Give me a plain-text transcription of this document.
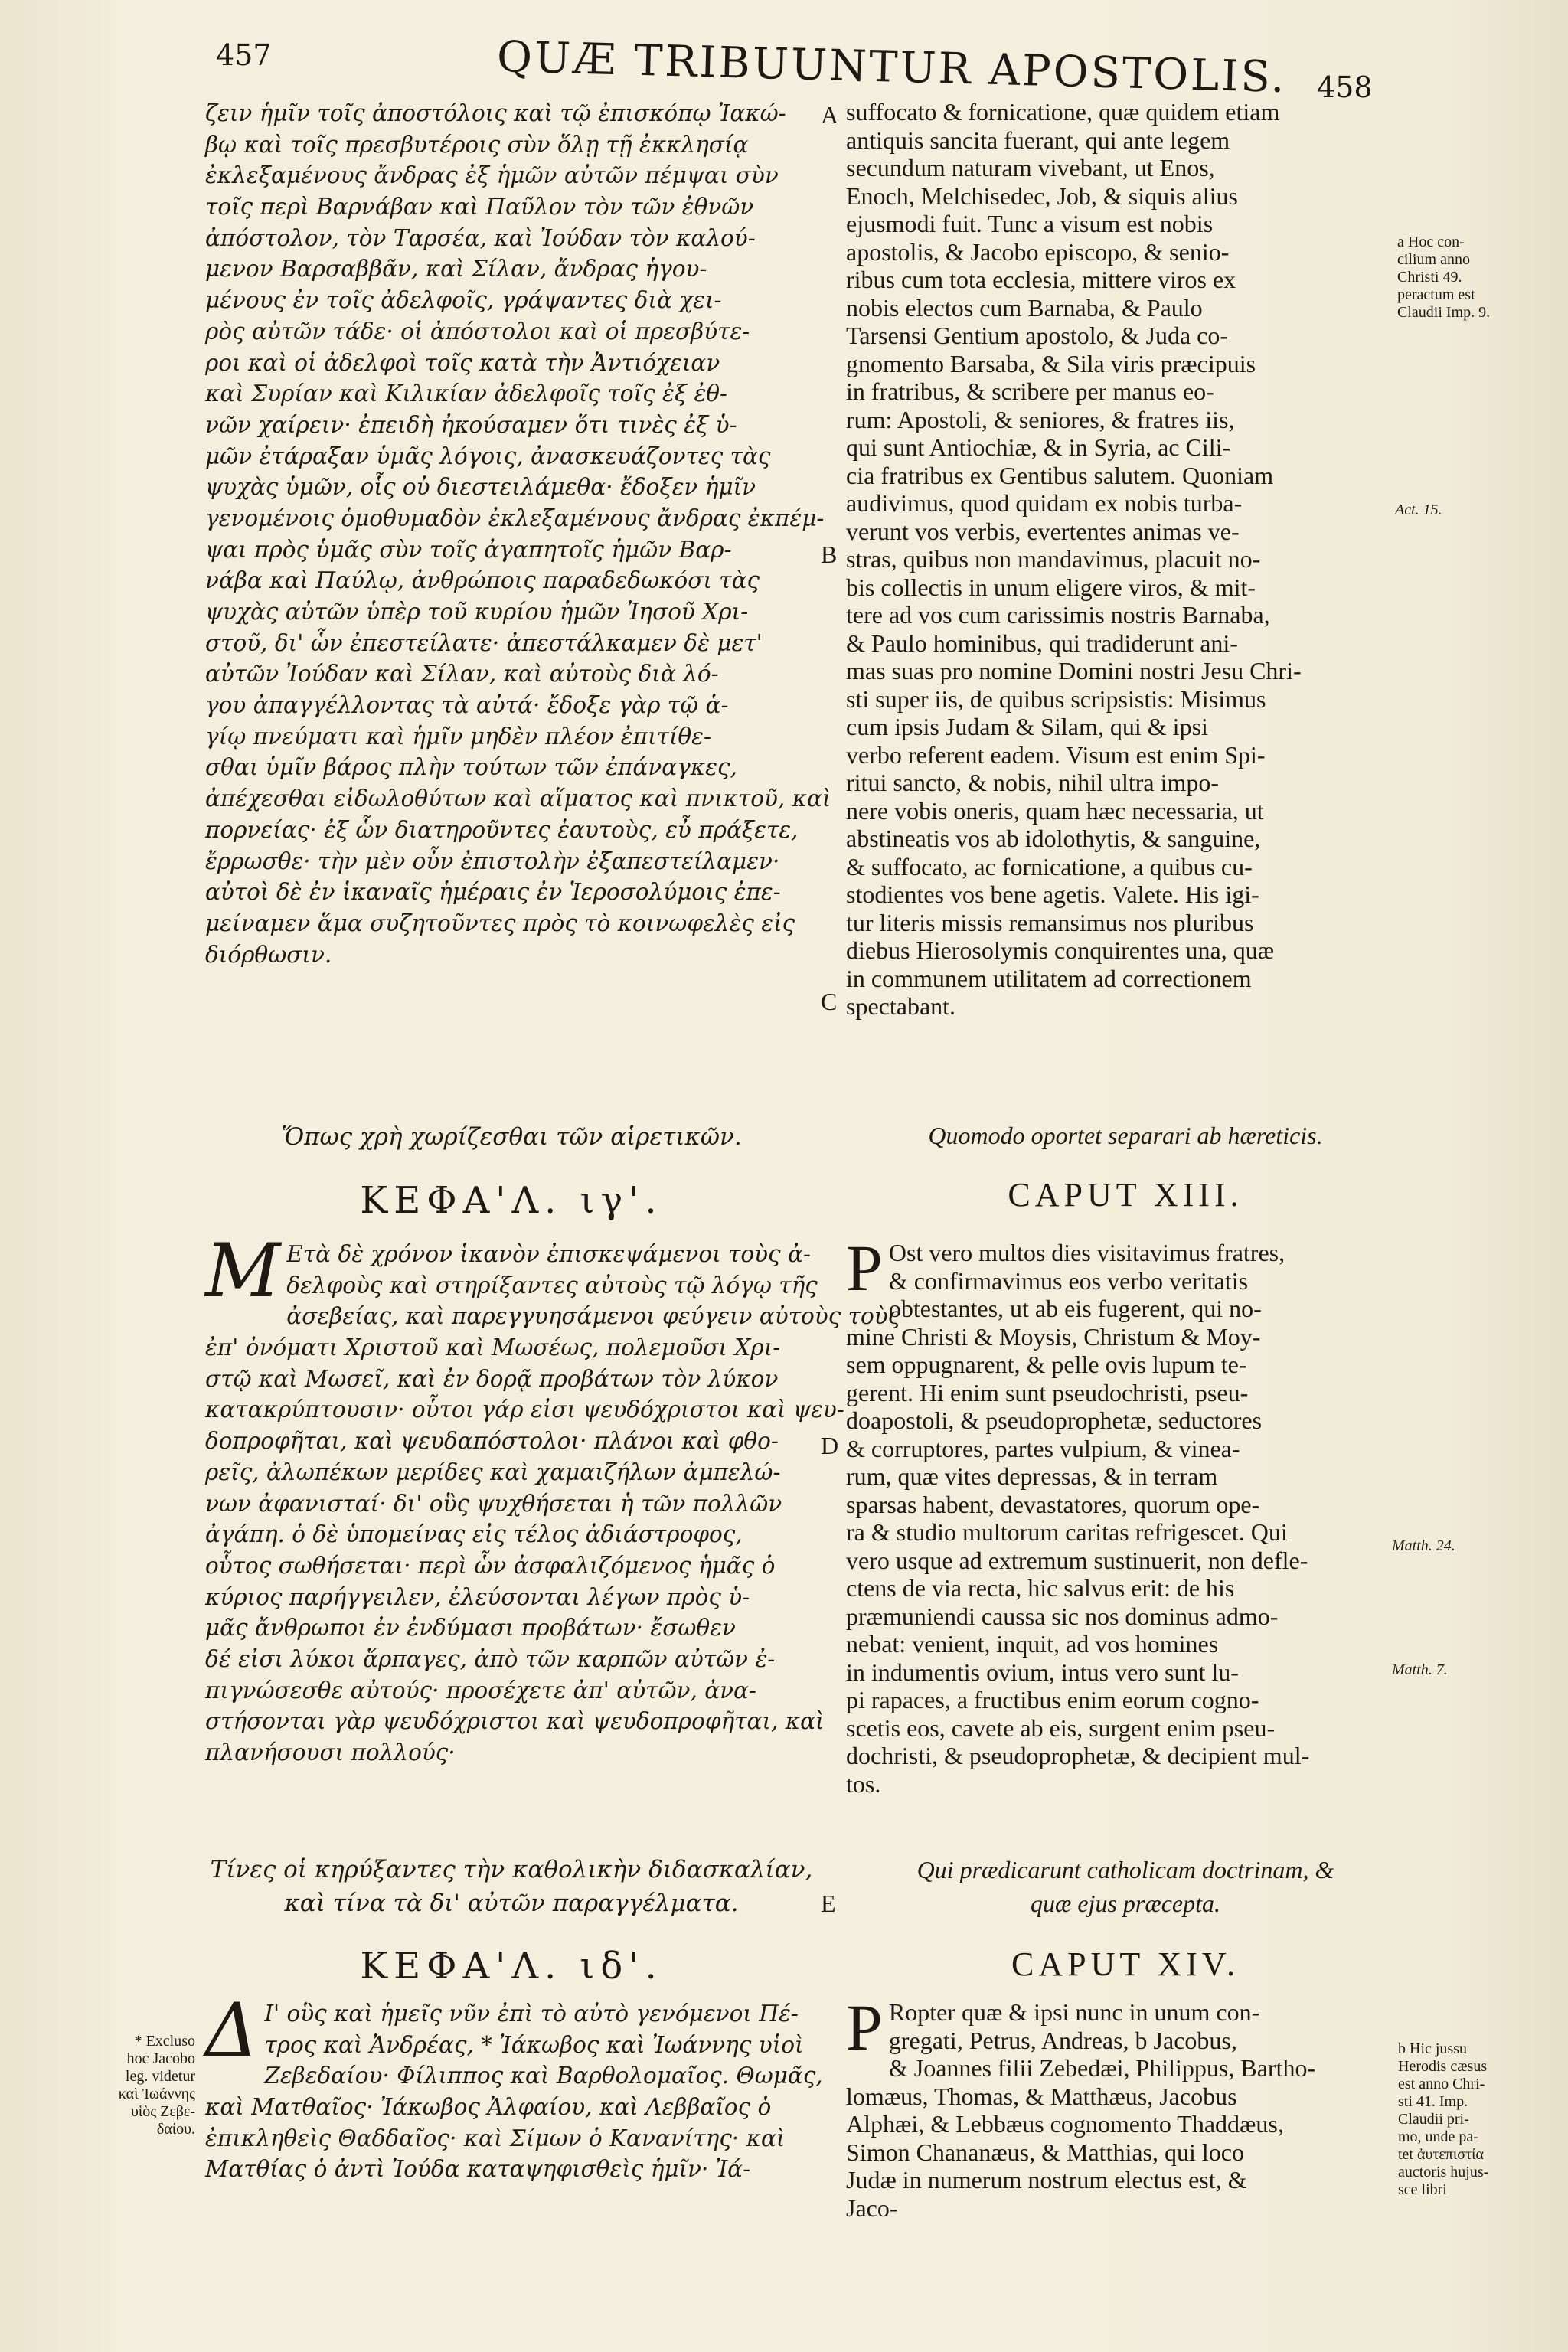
457	QUÆ TRIBUUNTUR APOSTOLIS. 458
ζειν ἡμῖν τοῖς ἀποστόλοις καὶ τῷ ἐπισκόπῳ Ἰακώ-
βῳ καὶ τοῖς πρεσβυτέροις σὺν ὅλῃ τῇ ἐκκλησίᾳ
ἐκλεξαμένους ἄνδρας ἐξ ἡμῶν αὐτῶν πέμψαι σὺν
τοῖς περὶ Βαρνάβαν καὶ Παῦλον τὸν τῶν ἐθνῶν
ἀπόστολον, τὸν Ταρσέα, καὶ Ἰούδαν τὸν καλού-
μενον Βαρσαββᾶν, καὶ Σίλαν, ἄνδρας ἡγου-
μένους ἐν τοῖς ἀδελφοῖς, γράψαντες διὰ χει-
ρὸς αὐτῶν τάδε· οἱ ἀπόστολοι καὶ οἱ πρεσβύτε-
ροι καὶ οἱ ἀδελφοὶ τοῖς κατὰ τὴν Ἀντιόχειαν
καὶ Συρίαν καὶ Κιλικίαν ἀδελφοῖς τοῖς ἐξ ἐθ-
νῶν χαίρειν· ἐπειδὴ ἠκούσαμεν ὅτι τινὲς ἐξ ὑ-
μῶν ἐτάραξαν ὑμᾶς λόγοις, ἀνασκευάζοντες τὰς
ψυχὰς ὑμῶν, οἷς οὐ διεστειλάμεθα· ἔδοξεν ἡμῖν
γενομένοις ὁμοθυμαδὸν ἐκλεξαμένους ἄνδρας ἐκπέμ-
ψαι πρὸς ὑμᾶς σὺν τοῖς ἀγαπητοῖς ἡμῶν Βαρ-
νάβα καὶ Παύλῳ, ἀνθρώποις παραδεδωκόσι τὰς
ψυχὰς αὐτῶν ὑπὲρ τοῦ κυρίου ἡμῶν Ἰησοῦ Χρι-
στοῦ, δι' ὧν ἐπεστείλατε· ἀπεστάλκαμεν δὲ μετ'
αὐτῶν Ἰούδαν καὶ Σίλαν, καὶ αὐτοὺς διὰ λό-
γου ἀπαγγέλλοντας τὰ αὐτά· ἔδοξε γὰρ τῷ ἁ-
γίῳ πνεύματι καὶ ἡμῖν μηδὲν πλέον ἐπιτίθε-
σθαι ὑμῖν βάρος πλὴν τούτων τῶν ἐπάναγκες,
ἀπέχεσθαι εἰδωλοθύτων καὶ αἵματος καὶ πνικτοῦ, καὶ
πορνείας· ἐξ ὧν διατηροῦντες ἑαυτοὺς, εὖ πράξετε,
ἔρρωσθε· τὴν μὲν οὖν ἐπιστολὴν ἐξαπεστείλαμεν·
αὐτοὶ δὲ ἐν ἱκαναῖς ἡμέραις ἐν Ἱεροσολύμοις ἐπε-
μείναμεν ἅμα συζητοῦντες πρὸς τὸ κοινωφελὲς εἰς
διόρθωσιν.
suffocato & fornicatione, quæ quidem etiam
antiquis sancita fuerant, qui ante legem
secundum naturam vivebant, ut Enos,
Enoch, Melchisedec, Job, & siquis alius
ejusmodi fuit. Tunc a visum est nobis
apostolis, & Jacobo episcopo, & senio-
ribus cum tota ecclesia, mittere viros ex
nobis electos cum Barnaba, & Paulo
Tarsensi Gentium apostolo, & Juda co-
gnomento Barsaba, & Sila viris præcipuis
in fratribus, & scribere per manus eo-
rum: Apostoli, & seniores, & fratres iis,
qui sunt Antiochiæ, & in Syria, ac Cili-
cia fratribus ex Gentibus salutem. Quoniam
audivimus, quod quidam ex nobis turba-
verunt vos verbis, evertentes animas ve-
stras, quibus non mandavimus, placuit no-
bis collectis in unum eligere viros, & mit-
tere ad vos cum carissimis nostris Barnaba,
& Paulo hominibus, qui tradiderunt ani-
mas suas pro nomine Domini nostri Jesu Chri-
sti super iis, de quibus scripsistis: Misimus
cum ipsis Judam & Silam, qui & ipsi
verbo referent eadem. Visum est enim Spi-
ritui sancto, & nobis, nihil ultra impo-
nere vobis oneris, quam hæc necessaria, ut
abstineatis vos ab idolothytis, & sanguine,
& suffocato, ac fornicatione, a quibus cu-
stodientes vos bene agetis. Valete. His igi-
tur literis missis remansimus nos pluribus
diebus Hierosolymis conquirentes una, quæ
in communem utilitatem ad correctionem
spectabant.
A
B
C
D
E
Ὅπως χρὴ χωρίζεσθαι τῶν αἱρετικῶν.	Quomodo oportet separari ab hæreticis.
ΚΕΦΑ'Λ. ιγ'.	CAPUT XIII.
Μ Ετὰ δὲ χρόνον ἱκανὸν ἐπισκεψάμενοι τοὺς ἀ-
δελφοὺς καὶ στηρίξαντες αὐτοὺς τῷ λόγῳ τῆς
ἀσεβείας, καὶ παρεγγυησάμενοι φεύγειν αὐτοὺς τοὺς
ἐπ' ὀνόματι Χριστοῦ καὶ Μωσέως, πολεμοῦσι Χρι-
στῷ καὶ Μωσεῖ, καὶ ἐν δορᾷ προβάτων τὸν λύκον
κατακρύπτουσιν· οὗτοι γάρ εἰσι ψευδόχριστοι καὶ ψευ-
δοπροφῆται, καὶ ψευδαπόστολοι· πλάνοι καὶ φθο-
ρεῖς, ἀλωπέκων μερίδες καὶ χαμαιζήλων ἀμπελώ-
νων ἀφανισταί· δι' οὓς ψυχθήσεται ἡ τῶν πολλῶν
ἀγάπη. ὁ δὲ ὑπομείνας εἰς τέλος ἀδιάστροφος,
οὗτος σωθήσεται· περὶ ὧν ἀσφαλιζόμενος ἡμᾶς ὁ
κύριος παρήγγειλεν, ἐλεύσονται λέγων πρὸς ὑ-
μᾶς ἄνθρωποι ἐν ἐνδύμασι προβάτων· ἔσωθεν
δέ εἰσι λύκοι ἅρπαγες, ἀπὸ τῶν καρπῶν αὐτῶν ἐ-
πιγνώσεσθε αὐτούς· προσέχετε ἀπ' αὐτῶν, ἀνα-
στήσονται γὰρ ψευδόχριστοι καὶ ψευδοπροφῆται, καὶ
πλανήσουσι πολλούς·
P Ost vero multos dies visitavimus fratres,
& confirmavimus eos verbo veritatis
obtestantes, ut ab eis fugerent, qui no-
mine Christi & Moysis, Christum & Moy-
sem oppugnarent, & pelle ovis lupum te-
gerent. Hi enim sunt pseudochristi, pseu-
doapostoli, & pseudoprophetæ, seductores
& corruptores, partes vulpium, & vinea-
rum, quæ vites depressas, & in terram
sparsas habent, devastatores, quorum ope-
ra & studio multorum caritas refrigescet. Qui
vero usque ad extremum sustinuerit, non defle-
ctens de via recta, hic salvus erit: de his
præmuniendi caussa sic nos dominus admo-
nebat: venient, inquit, ad vos homines
in indumentis ovium, intus vero sunt lu-
pi rapaces, a fructibus enim eorum cogno-
scetis eos, cavete ab eis, surgent enim pseu-
dochristi, & pseudoprophetæ, & decipient mul-
tos.
Τίνες οἱ κηρύξαντες τὴν καθολικὴν διδασκαλίαν,
καὶ τίνα τὰ δι' αὐτῶν παραγγέλματα.
Qui prædicarunt catholicam doctrinam, &
quæ ejus præcepta.
ΚΕΦΑ'Λ. ιδ'.	CAPUT XIV.
Δ Ι' οὓς καὶ ἡμεῖς νῦν ἐπὶ τὸ αὐτὸ γενόμενοι Πέ-
τρος καὶ Ἀνδρέας, * Ἰάκωβος καὶ Ἰωάννης υἱοὶ
Ζεβεδαίου· Φίλιππος καὶ Βαρθολομαῖος. Θωμᾶς,
καὶ Ματθαῖος· Ἰάκωβος Ἀλφαίου, καὶ Λεββαῖος ὁ
ἐπικληθεὶς Θαδδαῖος· καὶ Σίμων ὁ Κανανίτης· καὶ
Ματθίας ὁ ἀντὶ Ἰούδα καταψηφισθεὶς ἡμῖν· Ἰά-
P Ropter quæ & ipsi nunc in unum con-
gregati, Petrus, Andreas, b Jacobus,
& Joannes filii Zebedæi, Philippus, Bartho-
lomæus, Thomas, & Matthæus, Jacobus
Alphæi, & Lebbæus cognomento Thaddæus,
Simon Chananæus, & Matthias, qui loco
Judæ in numerum nostrum electus est, &
Jaco-
a Hoc con-
cilium anno
Christi 49.
peractum est
Claudii Imp. 9.
Act. 15.
Matth. 24.
Matth. 7.
b Hic jussu
Herodis cæsus
est anno Chri-
sti 41. Imp.
Claudii pri-
mo, unde pa-
tet ἀυτεπιστία
auctoris hujus-
sce libri
* Excluso
hoc Jacobo
leg. videtur
καὶ Ἰωάννης
υἱὸς Ζεβε-
δαίου.
